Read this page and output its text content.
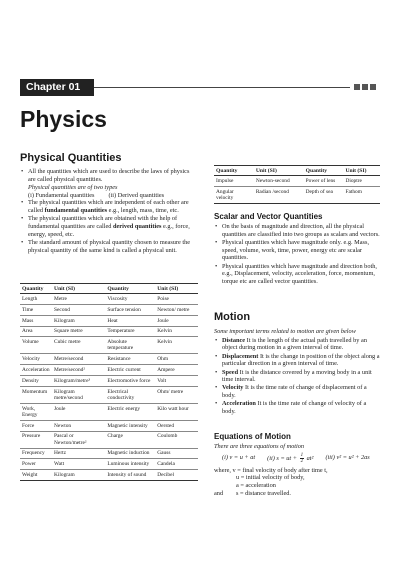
Chapter 01
Physics
Physical Quantities
• All the quantities which are used to describe the laws of physics are called physical quantities.
Physical quantities are of two types
(i) Fundamental quantities (ii) Derived quantities
• The physical quantities which are independent of each other are called fundamental quantities e.g., length, mass, time, etc.
• The physical quantities which are obtained with the help of fundamental quantities are called derived quantities e.g., force, energy, speed, etc.
• The standard amount of physical quantity chosen to measure the physical quantity of the same kind is called a physical unit.
Quantity	Unit (SI)	Quantity	Unit (SI)
Length	Metre	Viscosity	Poise
Time	Second	Surface tension	Newton/ metre
Mass	Kilogram	Heat	Joule
Area	Square metre	Temperature	Kelvin
Volume	Cubic metre	Absolute temperature	Kelvin
Velocity	Metre/second	Resistance	Ohm
Acceleration	Metre/second²	Electric current	Ampere
Density	Kilogram/metre³	Electromotive force	Volt
Momentum	Kilogram metre/second	Electrical conductivity	Ohm/ metre
Work, Energy	Joule	Electric energy	Kilo watt hour
Force	Newton	Magnetic intensity	Oersted
Pressure	Pascal or Newton/metre²	Charge	Coulomb
Frequency	Hertz	Magnetic induction	Gauss
Power	Watt	Luminous intensity	Candela
Weight	Kilogram	Intensity of sound	Decibel
Quantity	Unit (SI)	Quantity	Unit (SI)
Impulse	Newton-second	Power of lens	Dioptre
Angular velocity	Radian /second	Depth of sea	Fathom
Scalar and Vector Quantities
• On the basis of magnitude and direction, all the physical quantities are classified into two groups as scalars and vectors.
• Physical quantities which have magnitude only. e.g. Mass, speed, volume, work, time, power, energy etc are scalar quantities.
• Physical quantities which have magnitude and direction both, e.g., Displacement, velocity, acceleration, force, momentum, torque etc are called vector quantities.
Motion
Some important terms related to motion are given below
• Distance It is the length of the actual path travelled by an object during motion in a given interval of time.
• Displacement It is the change in position of the object along a particular direction in a given interval of time.
• Speed It is the distance covered by a moving body in a unit time interval.
• Velocity It is the time rate of change of displacement of a body.
• Acceleration It is the time rate of change of velocity of a body.
Equations of Motion
There are three equations of motion
(i) v = u + at (ii) s = ut + $\frac{1}{2} at^2$ (iii) v² = u² + 2as
where, v = final velocity of body after time t,
u = initial velocity of body,
a = acceleration
and	s = distance travelled.
